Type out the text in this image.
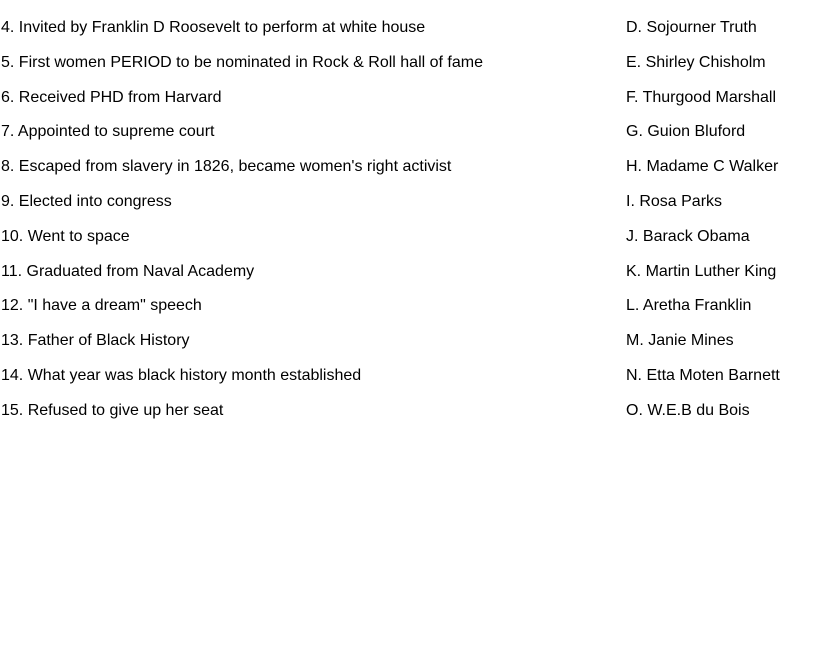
4. Invited by Franklin D Roosevelt to perform at white house	D. Sojourner Truth
5. First women PERIOD to be nominated in Rock & Roll hall of fame	E. Shirley Chisholm
6. Received PHD from Harvard	F. Thurgood Marshall
7. Appointed to supreme court	G. Guion Bluford
8. Escaped from slavery in 1826, became women's right activist	H. Madame C Walker
9. Elected into congress	I. Rosa Parks
10. Went to space	J. Barack Obama
11. Graduated from Naval Academy	K. Martin Luther King
12. "I have a dream" speech	L. Aretha Franklin
13. Father of Black History	M. Janie Mines
14. What year was black history month established	N. Etta Moten Barnett
15. Refused to give up her seat	O. W.E.B du Bois
